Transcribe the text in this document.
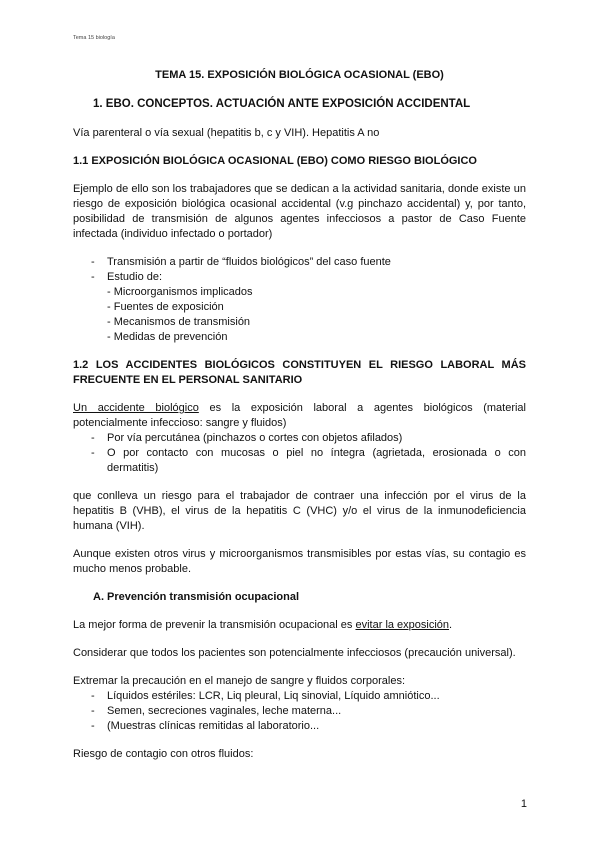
Tema 15 biología
TEMA 15. EXPOSICIÓN BIOLÓGICA OCASIONAL (EBO)
1. EBO. CONCEPTOS. ACTUACIÓN ANTE EXPOSICIÓN ACCIDENTAL

Vía parenteral o vía sexual (hepatitis b, c y VIH). Hepatitis A no

1.1 EXPOSICIÓN BIOLÓGICA OCASIONAL (EBO) COMO RIESGO BIOLÓGICO

Ejemplo de ello son los trabajadores que se dedican a la actividad sanitaria, donde existe un riesgo de exposición biológica ocasional accidental (v.g pinchazo accidental) y, por tanto, posibilidad de transmisión de algunos agentes infecciosos a pastor de Caso Fuente infectada (individuo infectado o portador)

- Transmisión a partir de “fluidos biológicos” del caso fuente
- Estudio de:
- Microorganismos implicados
- Fuentes de exposición
- Mecanismos de transmisión
- Medidas de prevención
1.2 LOS ACCIDENTES BIOLÓGICOS CONSTITUYEN EL RIESGO LABORAL MÁS FRECUENTE EN EL PERSONAL SANITARIO

Un accidente biológico es la exposición laboral a agentes biológicos (material potencialmente infeccioso: sangre y fluidos)

- Por vía percutánea (pinchazos o cortes con objetos afilados)
- O por contacto con mucosas o piel no íntegra (agrietada, erosionada o con dermatitis)

que conlleva un riesgo para el trabajador de contraer una infección por el virus de la hepatitis B (VHB), el virus de la hepatitis C (VHC) y/o el virus de la inmunodeficiencia humana (VIH).

Aunque existen otros virus y microorganismos transmisibles por estas vías, su contagio es mucho menos probable.

A. Prevención transmisión ocupacional

La mejor forma de prevenir la transmisión ocupacional es evitar la exposición.

Considerar que todos los pacientes son potencialmente infecciosos (precaución universal).

Extremar la precaución en el manejo de sangre y fluidos corporales:

- Líquidos estériles: LCR, Liq pleural, Liq sinovial, Líquido amniótico...
- Semen, secreciones vaginales, leche materna...
- (Muestras clínicas remitidas al laboratorio...

Riesgo de contagio con otros fluidos:

1
